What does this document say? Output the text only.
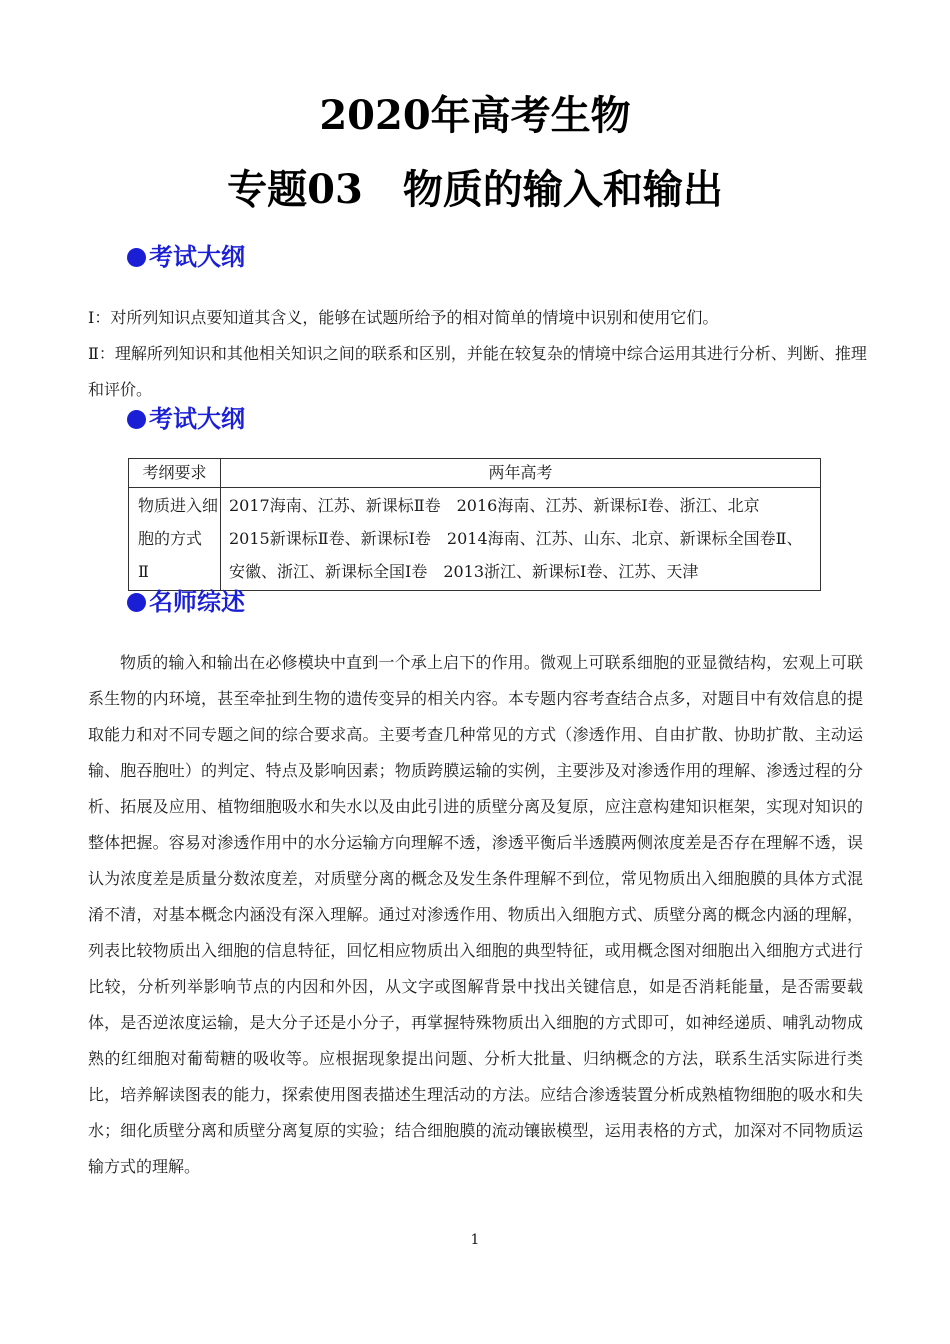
2020年高考生物
专题03　物质的输入和输出
考试大纲
Ⅰ：对所列知识点要知道其含义，能够在试题所给予的相对简单的情境中识别和使用它们。
Ⅱ：理解所列知识和其他相关知识之间的联系和区别，并能在较复杂的情境中综合运用其进行分析、判断、推理和评价。
考试大纲
考纲要求	两年高考
物质进入细胞的方式　Ⅱ	2017海南、江苏、新课标Ⅱ卷　2016海南、江苏、新课标Ⅰ卷、浙江、北京　2015新课标Ⅱ卷、新课标Ⅰ卷　2014海南、江苏、山东、北京、新课标全国卷Ⅱ、安徽、浙江、新课标全国Ⅰ卷　2013浙江、新课标Ⅰ卷、江苏、天津
名师综述
物质的输入和输出在必修模块中直到一个承上启下的作用。微观上可联系细胞的亚显微结构，宏观上可联系生物的内环境，甚至牵扯到生物的遗传变异的相关内容。本专题内容考查结合点多，对题目中有效信息的提取能力和对不同专题之间的综合要求高。主要考查几种常见的方式（渗透作用、自由扩散、协助扩散、主动运输、胞吞胞吐）的判定、特点及影响因素；物质跨膜运输的实例，主要涉及对渗透作用的理解、渗透过程的分析、拓展及应用、植物细胞吸水和失水以及由此引进的质壁分离及复原，应注意构建知识框架，实现对知识的整体把握。容易对渗透作用中的水分运输方向理解不透，渗透平衡后半透膜两侧浓度差是否存在理解不透，误认为浓度差是质量分数浓度差，对质壁分离的概念及发生条件理解不到位，常见物质出入细胞膜的具体方式混淆不清，对基本概念内涵没有深入理解。通过对渗透作用、物质出入细胞方式、质壁分离的概念内涵的理解，列表比较物质出入细胞的信息特征，回忆相应物质出入细胞的典型特征，或用概念图对细胞出入细胞方式进行比较，分析列举影响节点的内因和外因，从文字或图解背景中找出关键信息，如是否消耗能量，是否需要载体，是否逆浓度运输，是大分子还是小分子，再掌握特殊物质出入细胞的方式即可，如神经递质、哺乳动物成熟的红细胞对葡萄糖的吸收等。应根据现象提出问题、分析大批量、归纳概念的方法，联系生活实际进行类比，培养解读图表的能力，探索使用图表描述生理活动的方法。应结合渗透装置分析成熟植物细胞的吸水和失水；细化质壁分离和质壁分离复原的实验；结合细胞膜的流动镶嵌模型，运用表格的方式，加深对不同物质运输方式的理解。
1
